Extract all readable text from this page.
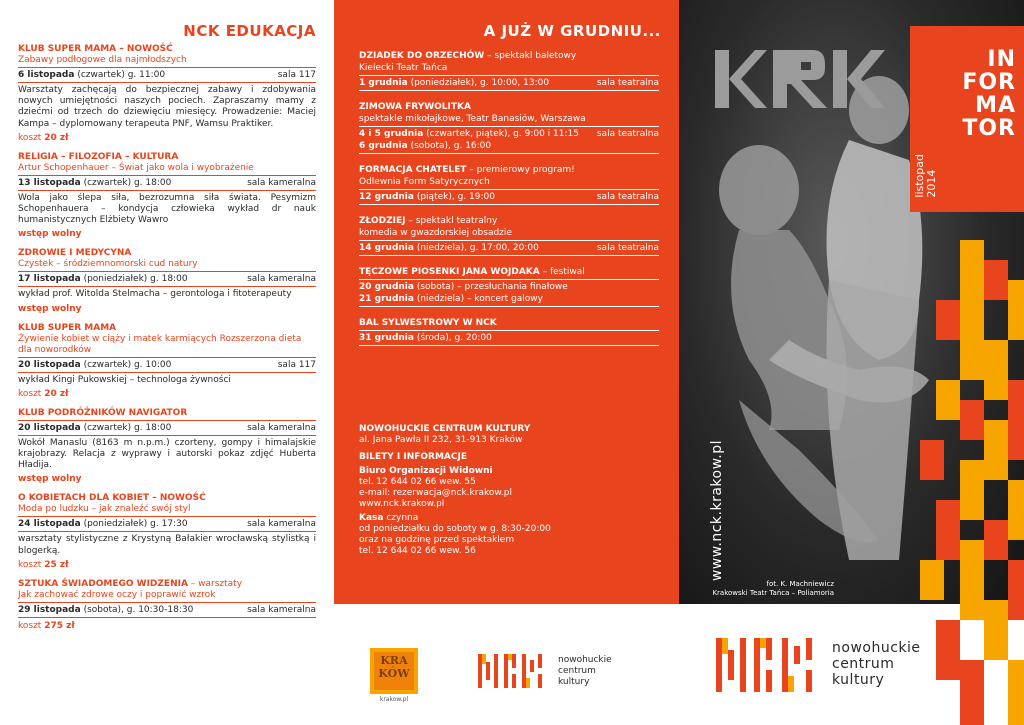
NCK EDUKACJA
KLUB SUPER MAMA – NOWOŚĆ
Zabawy podłogowe dla najmłodszych
6 listopada (czwartek) g. 11:00	sala 117
Warsztaty zachęcają do bezpiecznej zabawy i zdobywania nowych umiejętności naszych pociech. Zapraszamy mamy z dziećmi od trzech do dziewięciu miesięcy. Prowadzenie: Maciej Kampa – dyplomowany terapeuta PNF, Wamsu Praktiker.
koszt 20 zł
RELIGIA – FILOZOFIA – KULTURA
Artur Schopenhauer – Świat jako wola i wyobrażenie
13 listopada (czwartek) g. 18:00	sala kameralna
Wola jako ślepa siła, bezrozumna siła świata. Pesymizm Schopenhauera – kondycja człowieka wykład dr nauk humanistycznych Elżbiety Wawro
wstęp wolny
ZDROWIE I MEDYCYNA
Czystek – śródziemnomorski cud natury
17 listopada (poniedziałek) g. 18:00	sala kameralna
wykład prof. Witolda Stelmacha – gerontologa i fitoterapeuty
wstęp wolny
KLUB SUPER MAMA
Żywienie kobiet w ciąży i matek karmiących Rozszerzona dieta dla noworodków
20 listopada (czwartek) g. 10:00	sala 117
wykład Kingi Pukowskiej – technologa żywności
koszt 20 zł
KLUB PODRÓŻNIKÓW NAVIGATOR
20 listopada (czwartek) g. 18:00	sala kameralna
Wokół Manaslu (8163 m n.p.m.) czorteny, gompy i himalajskie krajobrazy. Relacja z wyprawy i autorski pokaz zdjęć Huberta Hładija.
wstęp wolny
O KOBIETACH DLA KOBIET – NOWOŚĆ
Moda po ludzku – jak znaleźć swój styl
24 listopada (poniedziałek) g. 17:30	sala kameralna
warsztaty stylistyczne z Krystyną Bałakier wrocławską stylistką i blogerką.
koszt 25 zł
SZTUKA ŚWIADOMEGO WIDZENIA – warsztaty
Jak zachować zdrowe oczy i poprawić wzrok
29 listopada (sobota), g. 10:30-18:30	sala kameralna
koszt 275 zł
A JUŻ W GRUDNIU...
DZIADEK DO ORZECHÓW – spektakl baletowy
Kielecki Teatr Tańca
1 grudnia (poniedziałek), g. 10:00, 13:00	sala teatralna
ZIMOWA FRYWOLITKA
spektakle mikołajkowe, Teatr Banasiów, Warszawa
4 i 5 grudnia (czwartek, piątek), g. 9:00 i 11:15 sala teatralna
6 grudnia (sobota), g. 16:00
FORMACJA CHATELET – premierowy program!
Odlewnia Form Satyrycznych
12 grudnia (piątek), g. 19:00	sala teatralna
ZŁODZIEJ – spektakl teatralny
komedia w gwazdorskiej obsadzie
14 grudnia (niedziela), g. 17:00, 20:00	sala teatralna
TĘCZOWE PIOSENKI JANA WOJDAKA – festiwal
20 grudnia (sobota) – przesłuchania finałowe
21 grudnia (niedziela) – koncert galowy
BAL SYLWESTROWY W NCK
31 grudnia (środa), g. 20:00
NOWOHUCKIE CENTRUM KULTURY
al. Jana Pawła II 232, 31-913 Kraków
BILETY I INFORMACJE
Biuro Organizacji Widowni
tel. 12 644 02 66 wew. 55
e-mail: rezerwacja@nck.krakow.pl
www.nck.krakow.pl
Kasa czynna
od poniedziałku do soboty w g. 8:30-20:00
oraz na godzinę przed spektaklem
tel. 12 644 02 66 wew. 56
IN
FOR
MA
TOR
listopad
2014
www.nck.krakow.pl
fot. K. Machniewicz
Krakowski Teatr Tańca – Poliamoria
KRA
KÓW
krakow.pl
nowohuckie
centrum
kultury
nowohuckie
centrum
kultury
